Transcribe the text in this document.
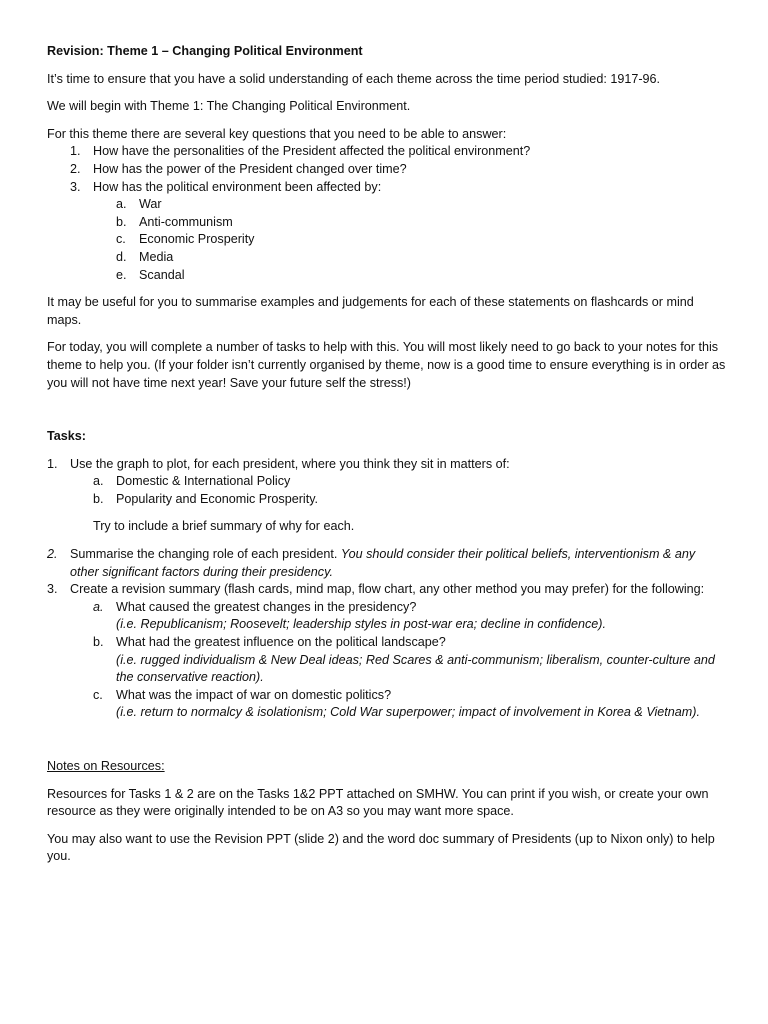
Revision: Theme 1 – Changing Political Environment

It’s time to ensure that you have a solid understanding of each theme across the time period studied: 1917-96.

We will begin with Theme 1: The Changing Political Environment.

For this theme there are several key questions that you need to be able to answer:

1. How have the personalities of the President affected the political environment?
2. How has the power of the President changed over time?
3. How has the political environment been affected by:
a. War
b. Anti-communism
c.	Economic Prosperity
d. Media
e. Scandal

It may be useful for you to summarise examples and judgements for each of these statements on flashcards or mind maps.

For today, you will complete a number of tasks to help with this. You will most likely need to go back to your notes for this theme to help you. (If your folder isn’t currently organised by theme, now is a good time to ensure everything is in order as you will not have time next year! Save your future self the stress!)

Tasks:

1. Use the graph to plot, for each president, where you think they sit in matters of:
a. Domestic & International Policy
b. Popularity and Economic Prosperity.

Try to include a brief summary of why for each.

2. Summarise the changing role of each president. You should consider their political beliefs, interventionism & any other significant factors during their presidency.
3. Create a revision summary (flash cards, mind map, flow chart, any other method you may prefer) for the following:
a. What caused the greatest changes in the presidency?
(i.e. Republicanism; Roosevelt; leadership styles in post-war era; decline in confidence).
b. What had the greatest influence on the political landscape?
(i.e. rugged individualism & New Deal ideas; Red Scares & anti-communism; liberalism, counter-culture and the conservative reaction).
c.	What was the impact of war on domestic politics?
(i.e. return to normalcy & isolationism; Cold War superpower; impact of involvement in Korea & Vietnam).

Notes on Resources:

Resources for Tasks 1 & 2 are on the Tasks 1&2 PPT attached on SMHW. You can print if you wish, or create your own resource as they were originally intended to be on A3 so you may want more space.

You may also want to use the Revision PPT (slide 2) and the word doc summary of Presidents (up to Nixon only) to help you.
